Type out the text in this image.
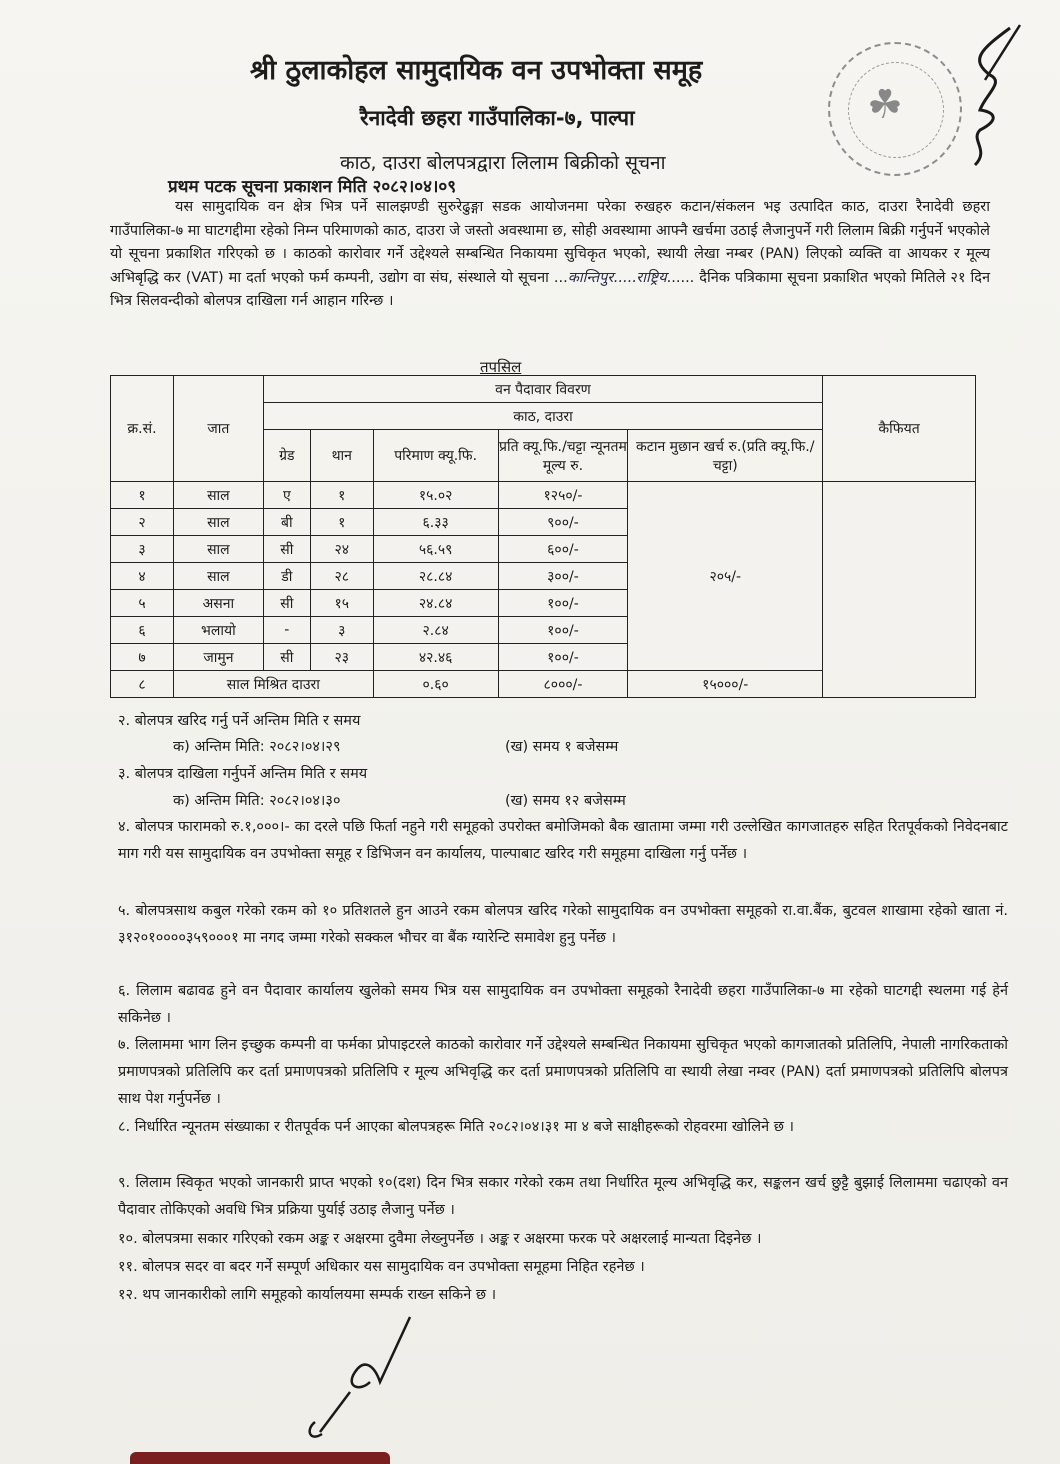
श्री ठुलाकोहल सामुदायिक वन उपभोक्ता समूह
रैनादेवी छहरा गाउँपालिका-७, पाल्पा
काठ, दाउरा बोलपत्रद्वारा लिलाम बिक्रीको सूचना
प्रथम पटक सूचना प्रकाशन मिति २०८२।०४।०९
☘
यस सामुदायिक वन क्षेत्र भित्र पर्ने सालझण्डी सुरुरेढुङ्गा सडक आयोजनमा परेका रुखहरु कटान/संकलन भइ उत्पादित काठ, दाउरा रैनादेवी छहरा गाउँपालिका-७ मा घाटगद्दीमा रहेको निम्न परिमाणको काठ, दाउरा जे जस्तो अवस्थामा छ, सोही अवस्थामा आफ्नै खर्चमा उठाई लैजानुपर्ने गरी लिलाम बिक्री गर्नुपर्ने भएकोले यो सूचना प्रकाशित गरिएको छ । काठको कारोवार गर्ने उद्देश्यले सम्बन्धित निकायमा सुचिकृत भएको, स्थायी लेखा नम्बर (PAN) लिएको व्यक्ति वा आयकर र मूल्य अभिबृद्धि कर (VAT) मा दर्ता भएको फर्म कम्पनी, उद्योग वा संघ, संस्थाले यो सूचना ...कान्तिपुर.....राष्ट्रिय...... दैनिक पत्रिकामा सूचना प्रकाशित भएको मितिले २१ दिन भित्र सिलवन्दीको बोलपत्र दाखिला गर्न आहान गरिन्छ ।
तपसिल
क्र.सं.	जात	वन पैदावार विवरण					कैफियत
		काठ, दाउरा					
		ग्रेड	थान	परिमाण क्यू.फि.	प्रति क्यू.फि./चट्टा न्यूनतम मूल्य रु.	कटान मुछान खर्च रु.(प्रति क्यू.फि./चट्टा)	
१	साल	ए	१	१५.०२	१२५०/-	२०५/-	
२	साल	बी	१	६.३३	९००/-		
३	साल	सी	२४	५६.५९	६००/-		
४	साल	डी	२८	२८.८४	३००/-		
५	असना	सी	१५	२४.८४	१००/-		
६	भलायो	-	३	२.८४	१००/-		
७	जामुन	सी	२३	४२.४६	१००/-		
८	साल मिश्रित दाउरा			०.६०	८०००/-	१५०००/-	
२. बोलपत्र खरिद गर्नु पर्ने अन्तिम मिति र समय
क) अन्तिम मिति: २०८२।०४।२९	(ख) समय १ बजेसम्म
३. बोलपत्र दाखिला गर्नुपर्ने अन्तिम मिति र समय
क) अन्तिम मिति: २०८२।०४।३०	(ख) समय १२ बजेसम्म
४. बोलपत्र फारामको रु.१,०००।- का दरले पछि फिर्ता नहुने गरी समूहको उपरोक्त बमोजिमको बैक खातामा जम्मा गरी उल्लेखित कागजातहरु सहित रितपूर्वकको निवेदनबाट माग गरी यस सामुदायिक वन उपभोक्ता समूह र डिभिजन वन कार्यालय, पाल्पाबाट खरिद गरी समूहमा दाखिला गर्नु पर्नेछ ।
५. बोलपत्रसाथ कबुल गरेको रकम को १० प्रतिशतले हुन आउने रकम बोलपत्र खरिद गरेको सामुदायिक वन उपभोक्ता समूहको रा.वा.बैंक, बुटवल शाखामा रहेको खाता नं. ३१२०१००००३५९०००१ मा नगद जम्मा गरेको सक्कल भौचर वा बैंक ग्यारेन्टि समावेश हुनु पर्नेछ ।
६. लिलाम बढावढ हुने वन पैदावार कार्यालय खुलेको समय भित्र यस सामुदायिक वन उपभोक्ता समूहको रैनादेवी छहरा गाउँपालिका-७ मा रहेको घाटगद्दी स्थलमा गई हेर्न सकिनेछ ।
७. लिलाममा भाग लिन इच्छुक कम्पनी वा फर्मका प्रोपाइटरले काठको कारोवार गर्ने उद्देश्यले सम्बन्धित निकायमा सुचिकृत भएको कागजातको प्रतिलिपि, नेपाली नागरिकताको प्रमाणपत्रको प्रतिलिपि कर दर्ता प्रमाणपत्रको प्रतिलिपि र मूल्य अभिवृद्धि कर दर्ता प्रमाणपत्रको प्रतिलिपि वा स्थायी लेखा नम्वर (PAN) दर्ता प्रमाणपत्रको प्रतिलिपि बोलपत्र साथ पेश गर्नुपर्नेछ ।
८. निर्धारित न्यूनतम संख्याका र रीतपूर्वक पर्न आएका बोलपत्रहरू मिति २०८२।०४।३१ मा ४ बजे साक्षीहरूको रोहवरमा खोलिने छ ।
९. लिलाम स्विकृत भएको जानकारी प्राप्त भएको १०(दश) दिन भित्र सकार गरेको रकम तथा निर्धारित मूल्य अभिवृद्धि कर, सङ्कलन खर्च छुट्टै बुझाई लिलाममा चढाएको वन पैदावार तोकिएको अवधि भित्र प्रक्रिया पुर्याई उठाइ लैजानु पर्नेछ ।
१०. बोलपत्रमा सकार गरिएको रकम अङ्क र अक्षरमा दुवैमा लेख्नुपर्नेछ । अङ्क र अक्षरमा फरक परे अक्षरलाई मान्यता दिइनेछ ।
११. बोलपत्र सदर वा बदर गर्ने सम्पूर्ण अधिकार यस सामुदायिक वन उपभोक्ता समूहमा निहित रहनेछ ।
१२. थप जानकारीको लागि समूहको कार्यालयमा सम्पर्क राख्न सकिने छ ।
